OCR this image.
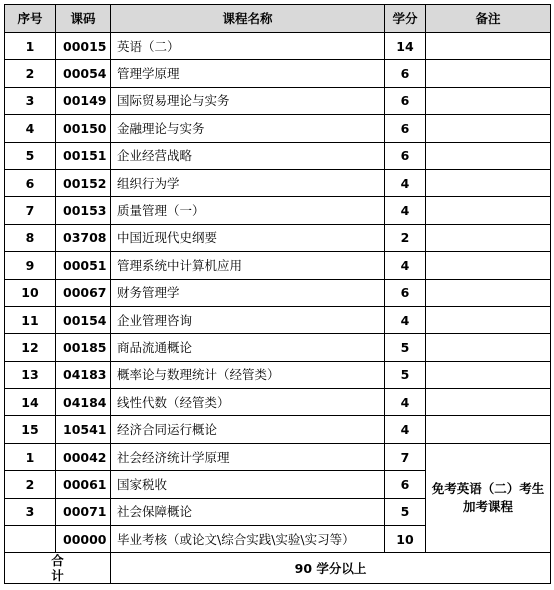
序号	课码	课程名称	学分	备注
1	00015	英语（二）	14	
2	00054	管理学原理	6	
3	00149	国际贸易理论与实务	6	
4	00150	金融理论与实务	6	
5	00151	企业经营战略	6	
6	00152	组织行为学	4	
7	00153	质量管理（一）	4	
8	03708	中国近现代史纲要	2	
9	00051	管理系统中计算机应用	4	
10	00067	财务管理学	6	
11	00154	企业管理咨询	4	
12	00185	商品流通概论	5	
13	04183	概率论与数理统计（经管类）	5	
14	04184	线性代数（经管类）	4	
15	10541	经济合同运行概论	4	
1	00042	社会经济统计学原理	7	免考英语（二）考生
加考课程
2	00061	国家税收	6	
3	00071	社会保障概论	5	
	00000	毕业考核（或论文\综合实践\实验\实习等）	10	
合 计		90 学分以上		
